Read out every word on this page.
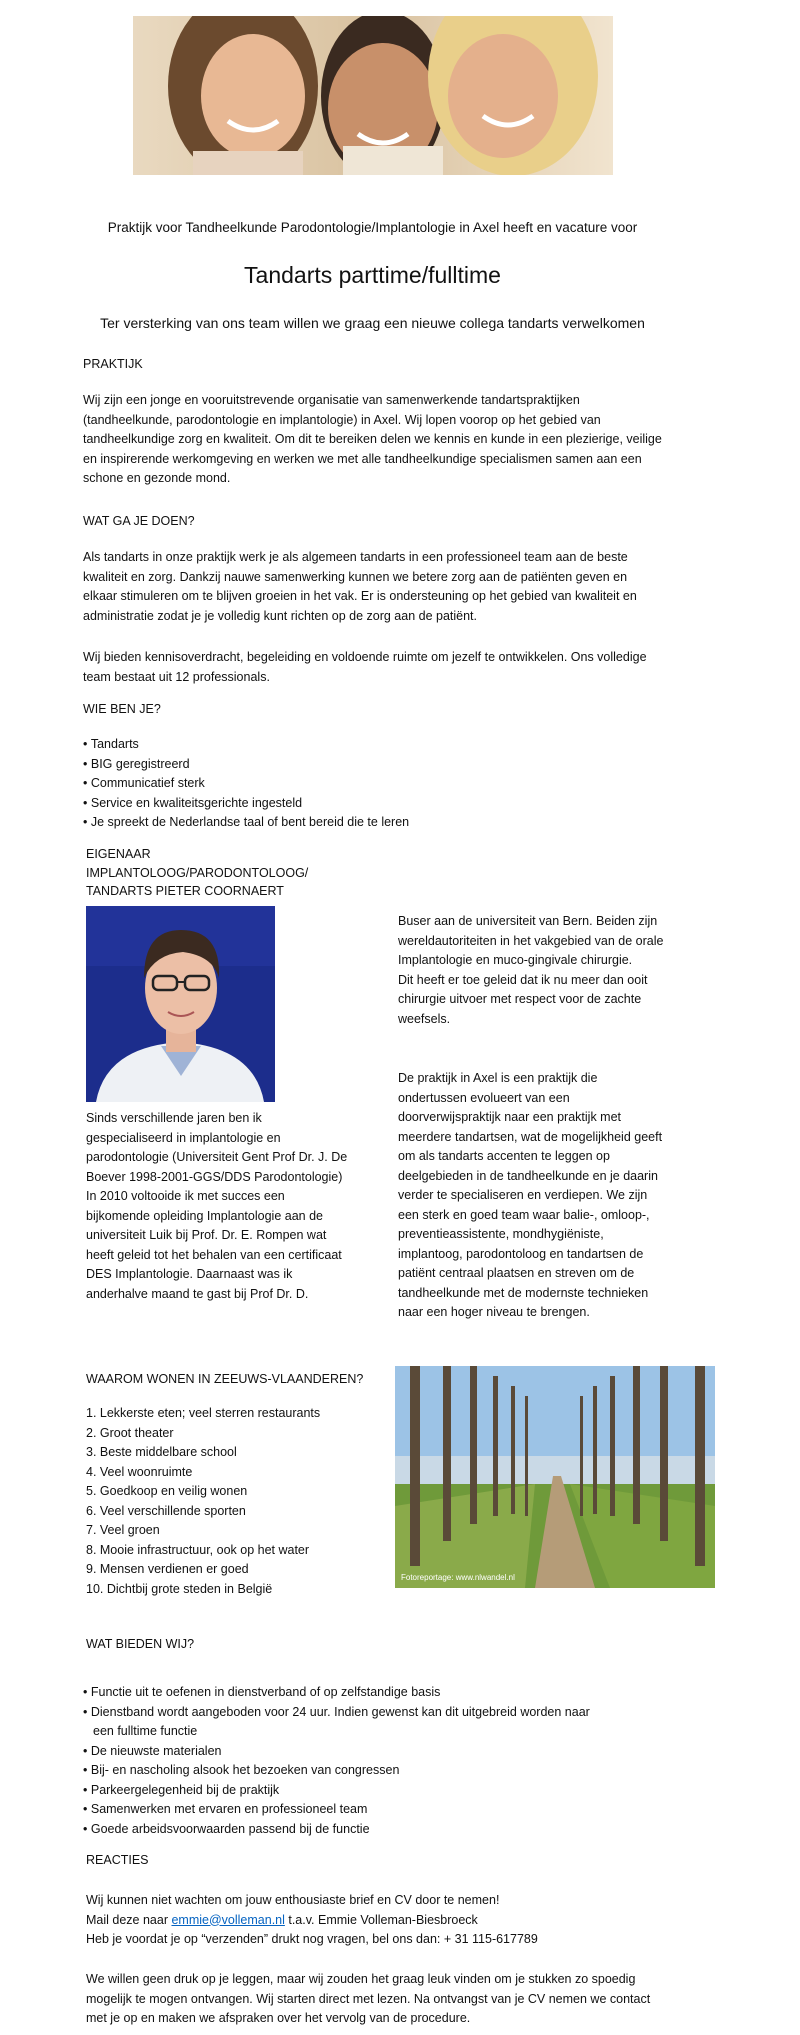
Praktijk voor Tandheelkunde Parodontologie/Implantologie in Axel heeft en vacature voor
Tandarts parttime/fulltime
Ter versterking van ons team willen we graag een nieuwe collega tandarts verwelkomen
PRAKTIJK

Wij zijn een jonge en vooruitstrevende organisatie van samenwerkende tandartspraktijken (tandheelkunde, parodontologie en implantologie) in Axel. Wij lopen voorop op het gebied van tandheelkundige zorg en kwaliteit. Om dit te bereiken delen we kennis en kunde in een plezierige, veilige en inspirerende werkomgeving en werken we met alle tandheelkundige specialismen samen aan een schone en gezonde mond.

WAT GA JE DOEN?

Als tandarts in onze praktijk werk je als algemeen tandarts in een professioneel team aan de beste kwaliteit en zorg. Dankzij nauwe samenwerking kunnen we betere zorg aan de patiënten geven en elkaar stimuleren om te blijven groeien in het vak. Er is ondersteuning op het gebied van kwaliteit en administratie zodat je je volledig kunt richten op de zorg aan de patiënt.

Wij bieden kennisoverdracht, begeleiding en voldoende ruimte om jezelf te ontwikkelen. Ons volledige team bestaat uit 12 professionals.

WIE BEN JE?
• Tandarts
• BIG geregistreerd
• Communicatief sterk
• Service en kwaliteitsgerichte ingesteld
• Je spreekt de Nederlandse taal of bent bereid die te leren
EIGENAAR
IMPLANTOLOOG/PARODONTOLOOG/
TANDARTS PIETER COORNAERT

Sinds verschillende jaren ben ik gespecialiseerd in implantologie en parodontologie (Universiteit Gent Prof Dr. J. De Boever 1998-2001-GGS/DDS Parodontologie)
In 2010 voltooide ik met succes een bijkomende opleiding Implantologie aan de universiteit Luik bij Prof. Dr. E. Rompen wat heeft geleid tot het behalen van een certificaat DES Implantologie. Daarnaast was ik anderhalve maand te gast bij Prof Dr. D.

Buser aan de universiteit van Bern. Beiden zijn wereldautoriteiten in het vakgebied van de orale Implantologie en muco-gingivale chirurgie.
Dit heeft er toe geleid dat ik nu meer dan ooit chirurgie uitvoer met respect voor de zachte weefsels.

De praktijk in Axel is een praktijk die ondertussen evolueert van een doorverwijspraktijk naar een praktijk met meerdere tandartsen, wat de mogelijkheid geeft om als tandarts accenten te leggen op deelgebieden in de tandheelkunde en je daarin verder te specialiseren en verdiepen. We zijn een sterk en goed team waar balie-, omloop-, preventieassistente, mondhygiëniste, implantoog, parodontoloog en tandartsen de patiënt centraal plaatsen en streven om de tandheelkunde met de modernste technieken naar een hoger niveau te brengen.

WAAROM WONEN IN ZEEUWS-VLAANDEREN?
1. Lekkerste eten; veel sterren restaurants
2. Groot theater
3. Beste middelbare school
4. Veel woonruimte
5. Goedkoop en veilig wonen
6. Veel verschillende sporten
7. Veel groen
8. Mooie infrastructuur, ook op het water
9. Mensen verdienen er goed
10. Dichtbij grote steden in België
Fotoreportage: www.nlwandel.nl
WAT BIEDEN WIJ?
• Functie uit te oefenen in dienstverband of op zelfstandige basis
• Dienstband wordt aangeboden voor 24 uur. Indien gewenst kan dit uitgebreid worden naar
een fulltime functie
• De nieuwste materialen
• Bij- en nascholing alsook het bezoeken van congressen
• Parkeergelegenheid bij de praktijk
• Samenwerken met ervaren en professioneel team
• Goede arbeidsvoorwaarden passend bij de functie
REACTIES
Wij kunnen niet wachten om jouw enthousiaste brief en CV door te nemen!
Mail deze naar emmie@volleman.nl t.a.v. Emmie Volleman-Biesbroeck
Heb je voordat je op “verzenden” drukt nog vragen, bel ons dan: + 31 115-617789

We willen geen druk op je leggen, maar wij zouden het graag leuk vinden om je stukken zo spoedig mogelijk te mogen ontvangen. Wij starten direct met lezen. Na ontvangst van je CV nemen we contact met je op en maken we afspraken over het vervolg van de procedure.
